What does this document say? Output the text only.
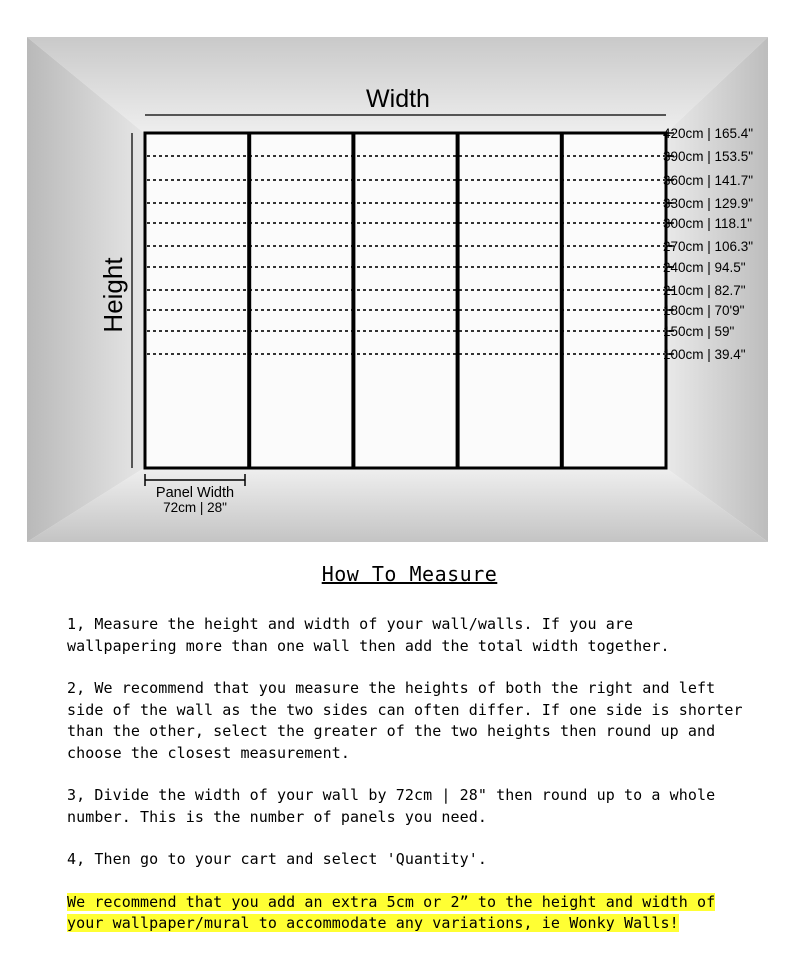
Width
Height
Panel Width
72cm | 28"
420cm | 165.4"
390cm | 153.5"
360cm | 141.7"
330cm | 129.9"
300cm | 118.1"
270cm | 106.3"
240cm | 94.5"
210cm | 82.7"
180cm | 70'9"
150cm | 59"
100cm | 39.4"
How To Measure

1, Measure the height and width of your wall/walls. If you are wallpapering more than one wall then add the total width together.

2, We recommend that you measure the heights of both the right and left side of the wall as the two sides can often differ. If one side is shorter than the other, select the greater of the two heights then round up and choose the closest measurement.

3, Divide the width of your wall by 72cm | 28" then round up to a whole number. This is the number of panels you need.

4, Then go to your cart and select 'Quantity'.

We recommend that you add an extra 5cm or 2” to the height and width of your wallpaper/mural to accommodate any variations, ie Wonky Walls!
